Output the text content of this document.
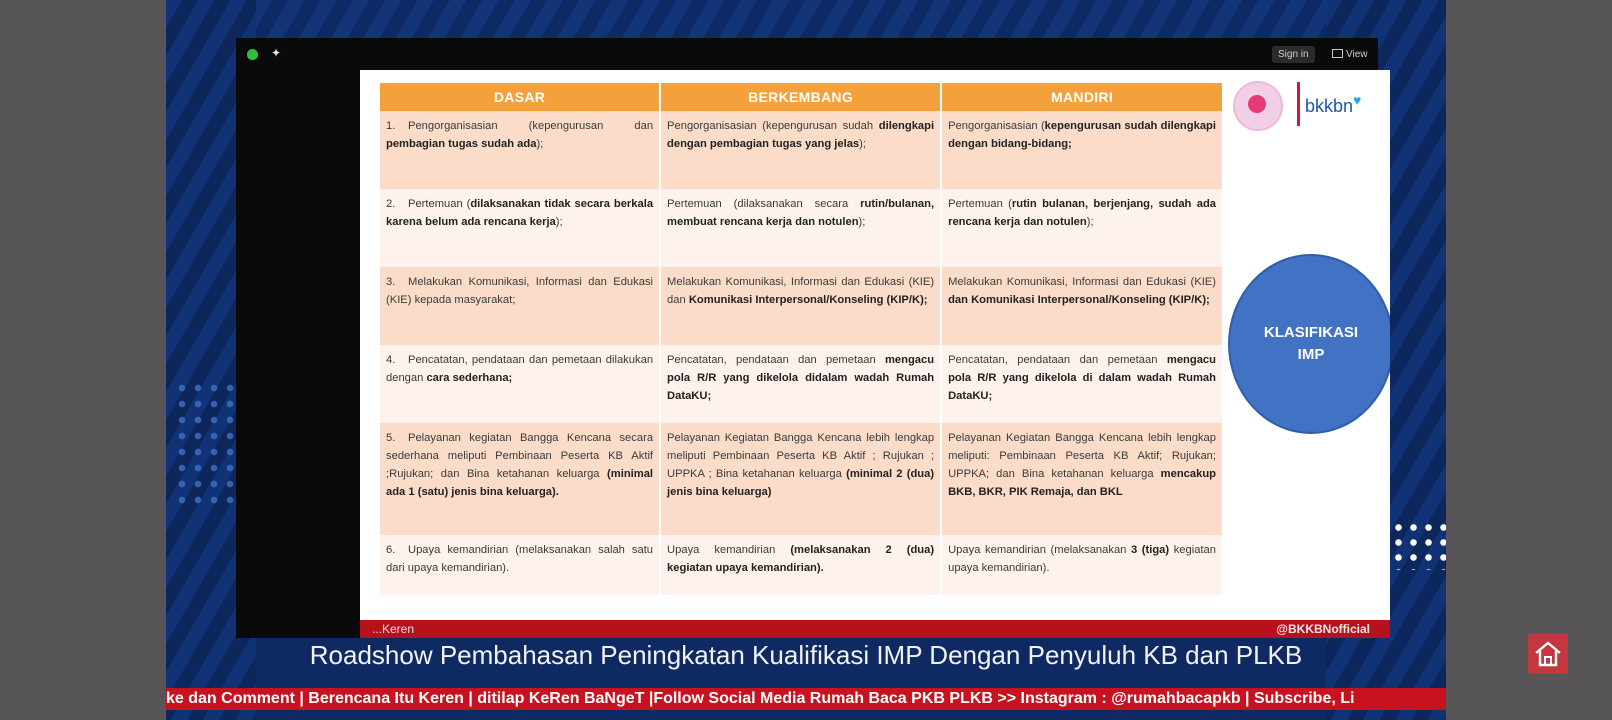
✦	Sign in	View
DASAR	BERKEMBANG	MANDIRI
1. Pengorganisasian (kepengurusan dan pembagian tugas sudah ada);	Pengorganisasian (kepengurusan sudah dilengkapi dengan pembagian tugas yang jelas);	Pengorganisasian (kepengurusan sudah dilengkapi dengan bidang-bidang;
2. Pertemuan (dilaksanakan tidak secara berkala karena belum ada rencana kerja);	Pertemuan (dilaksanakan secara rutin/bulanan, membuat rencana kerja dan notulen);	Pertemuan (rutin bulanan, berjenjang, sudah ada rencana kerja dan notulen);
3. Melakukan Komunikasi, Informasi dan Edukasi (KIE) kepada masyarakat;	Melakukan Komunikasi, Informasi dan Edukasi (KIE) dan Komunikasi Interpersonal/Konseling (KIP/K);	Melakukan Komunikasi, Informasi dan Edukasi (KIE) dan Komunikasi Interpersonal/Konseling (KIP/K);
4. Pencatatan, pendataan dan pemetaan dilakukan dengan cara sederhana;	Pencatatan, pendataan dan pemetaan mengacu pola R/R yang dikelola didalam wadah Rumah DataKU;	Pencatatan, pendataan dan pemetaan mengacu pola R/R yang dikelola di dalam wadah Rumah DataKU;
5. Pelayanan kegiatan Bangga Kencana secara sederhana meliputi Pembinaan Peserta KB Aktif ;Rujukan; dan Bina ketahanan keluarga (minimal ada 1 (satu) jenis bina keluarga).	Pelayanan Kegiatan Bangga Kencana lebih lengkap meliputi Pembinaan Peserta KB Aktif ; Rujukan ; UPPKA ; Bina ketahanan keluarga (minimal 2 (dua) jenis bina keluarga)	Pelayanan Kegiatan Bangga Kencana lebih lengkap meliputi: Pembinaan Peserta KB Aktif; Rujukan; UPPKA; dan Bina ketahanan keluarga mencakup BKB, BKR, PIK Remaja, dan BKL
6. Upaya kemandirian (melaksanakan salah satu dari upaya kemandirian).	Upaya kemandirian (melaksanakan 2 (dua) kegiatan upaya kemandirian).	Upaya kemandirian (melaksanakan 3 (tiga) kegiatan upaya kemandirian).
bkkbn♥
KLASIFIKASI IMP
...Keren	@BKKBNofficial
Roadshow Pembahasan Peningkatan Kualifikasi IMP Dengan Penyuluh KB dan PLKB
ke dan Comment | Berencana Itu Keren | ditilap KeRen BaNgeT |Follow Social Media Rumah Baca PKB PLKB >> Instagram : @rumahbacapkb | Subscribe, Li
